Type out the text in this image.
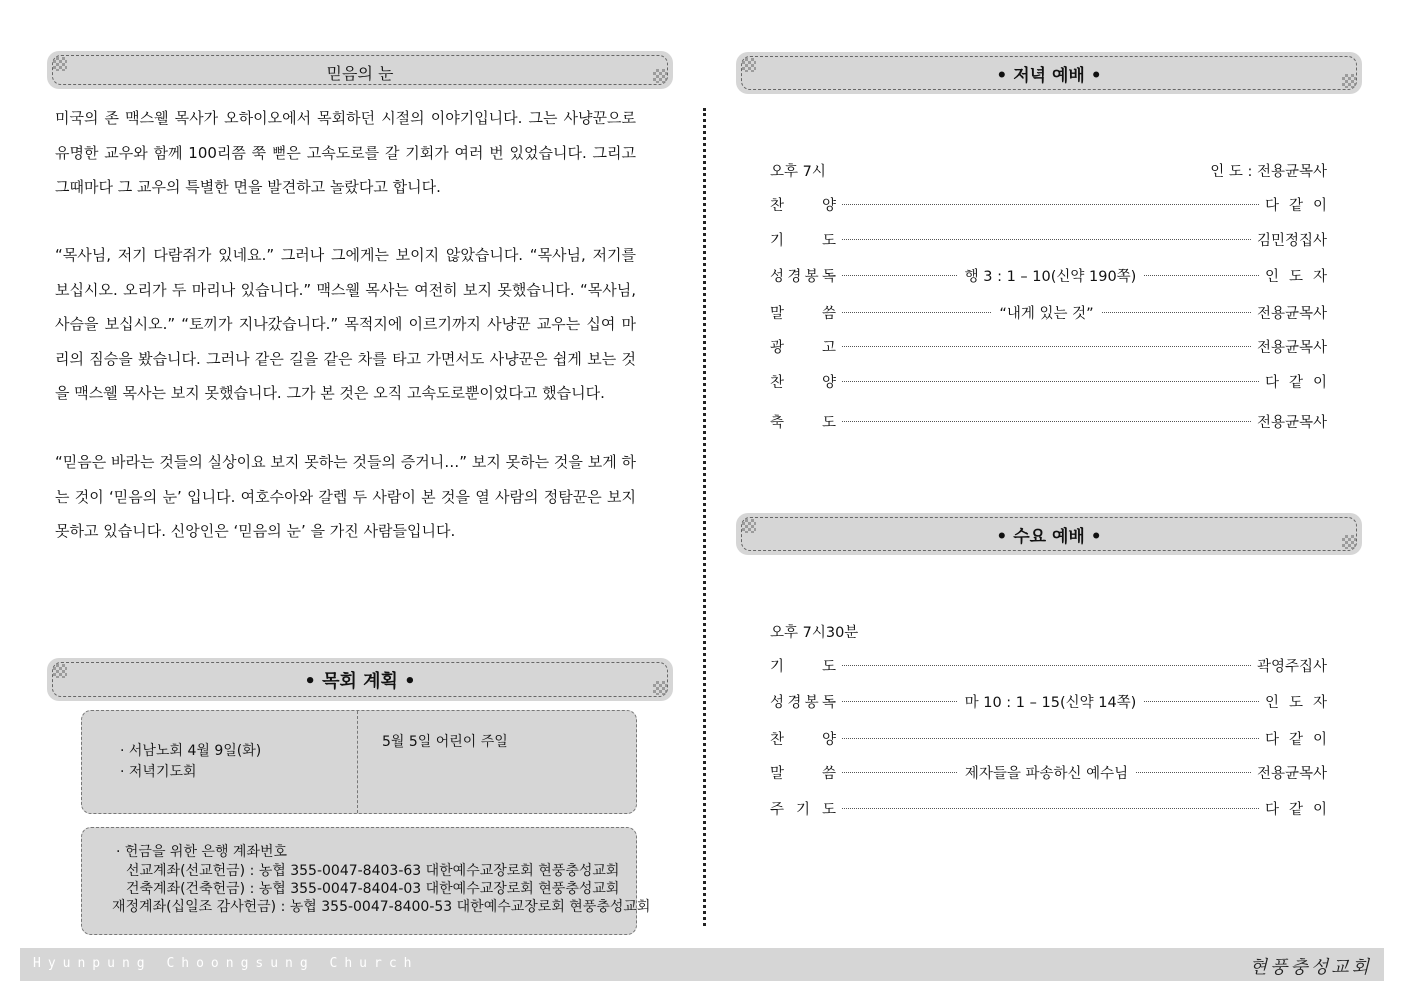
믿음의 눈

미국의 존 맥스웰 목사가 오하이오에서 목회하던 시절의 이야기입니다. 그는 사냥꾼으로 유명한 교우와 함께 100리쯤 쭉 뻗은 고속도로를 갈 기회가 여러 번 있었습니다. 그리고 그때마다 그 교우의 특별한 면을 발견하고 놀랐다고 합니다.

“목사님, 저기 다람쥐가 있네요.” 그러나 그에게는 보이지 않았습니다. “목사님, 저기를 보십시오. 오리가 두 마리나 있습니다.” 맥스웰 목사는 여전히 보지 못했습니다. “목사님, 사슴을 보십시오.” “토끼가 지나갔습니다.” 목적지에 이르기까지 사냥꾼 교우는 십여 마리의 짐승을 봤습니다. 그러나 같은 길을 같은 차를 타고 가면서도 사냥꾼은 쉽게 보는 것을 맥스웰 목사는 보지 못했습니다. 그가 본 것은 오직 고속도로뿐이었다고 했습니다.

“믿음은 바라는 것들의 실상이요 보지 못하는 것들의 증거니…” 보지 못하는 것을 보게 하는 것이 ‘믿음의 눈’ 입니다. 여호수아와 갈렙 두 사람이 본 것을 열 사람의 정탐꾼은 보지 못하고 있습니다. 신앙인은 ‘믿음의 눈’ 을 가진 사람들입니다.

• 목회 계획 •
· 서남노회 4월 9일(화)
· 저녁기도회
5월 5일 어린이 주일
· 헌금을 위한 은행 계좌번호
선교계좌(선교헌금) : 농협 355-0047-8403-63 대한예수교장로회 현풍충성교회
건축계좌(건축헌금) : 농협 355-0047-8404-03 대한예수교장로회 현풍충성교회
재정계좌(십일조 감사헌금) : 농협 355-0047-8400-53 대한예수교장로회 현풍충성교회
• 저녁 예배 •
오후 7시	인 도 : 전용균목사
찬	양	다같이
기	도	김민정집사
성 경 봉 독	행 3 : 1 – 10(신약 190쪽)	인도자
말	씀	“내게 있는 것”	전용균목사
광	고	전용균목사
찬	양	다같이
축	도	전용균목사
• 수요 예배 •
오후 7시30분
기	도	곽영주집사
성 경 봉 독	마 10 : 1 – 15(신약 14쪽)	인도자
찬	양	다같이
말	씀	제자들을 파송하신 예수님	전용균목사
주 기 도	다같이
Hyunpung Choongsung Church	현풍충성교회
